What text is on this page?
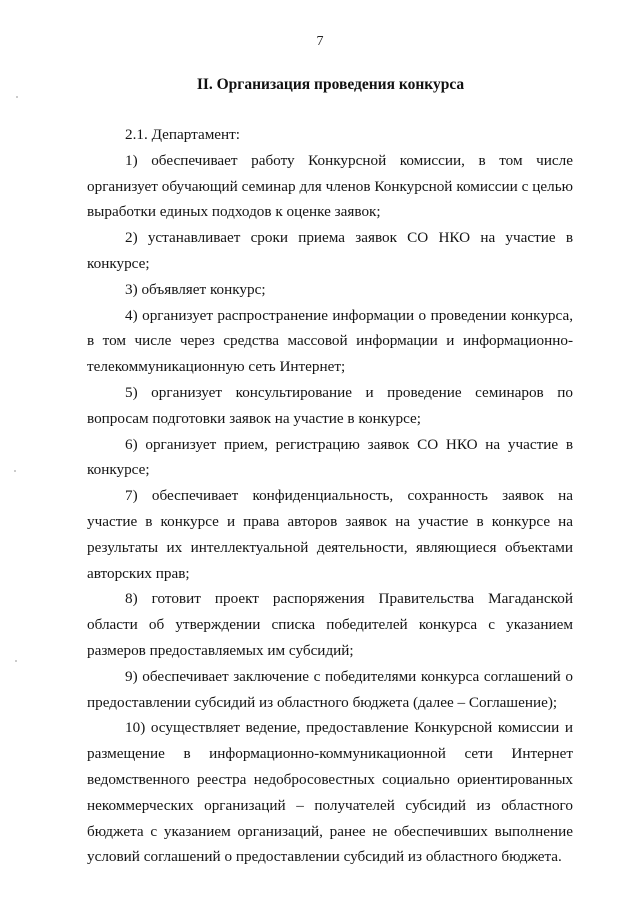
7
II. Организация проведения конкурса

2.1. Департамент:

1) обеспечивает работу Конкурсной комиссии, в том числе организует обучающий семинар для членов Конкурсной комиссии с целью выработки единых подходов к оценке заявок;

2) устанавливает сроки приема заявок СО НКО на участие в конкурсе;

3) объявляет конкурс;

4) организует распространение информации о проведении конкурса, в том числе через средства массовой информации и информационно-телекоммуникационную сеть Интернет;

5) организует консультирование и проведение семинаров по вопросам подготовки заявок на участие в конкурсе;

6) организует прием, регистрацию заявок СО НКО на участие в конкурсе;

7) обеспечивает конфиденциальность, сохранность заявок на участие в конкурсе и права авторов заявок на участие в конкурсе на результаты их интеллектуальной деятельности, являющиеся объектами авторских прав;

8) готовит проект распоряжения Правительства Магаданской области об утверждении списка победителей конкурса с указанием размеров предоставляемых им субсидий;

9) обеспечивает заключение с победителями конкурса соглашений о предоставлении субсидий из областного бюджета (далее – Соглашение);

10) осуществляет ведение, предоставление Конкурсной комиссии и размещение в информационно-коммуникационной сети Интернет ведомственного реестра недобросовестных социально ориентированных некоммерческих организаций – получателей субсидий из областного бюджета с указанием организаций, ранее не обеспечивших выполнение условий соглашений о предоставлении субсидий из областного бюджета.
